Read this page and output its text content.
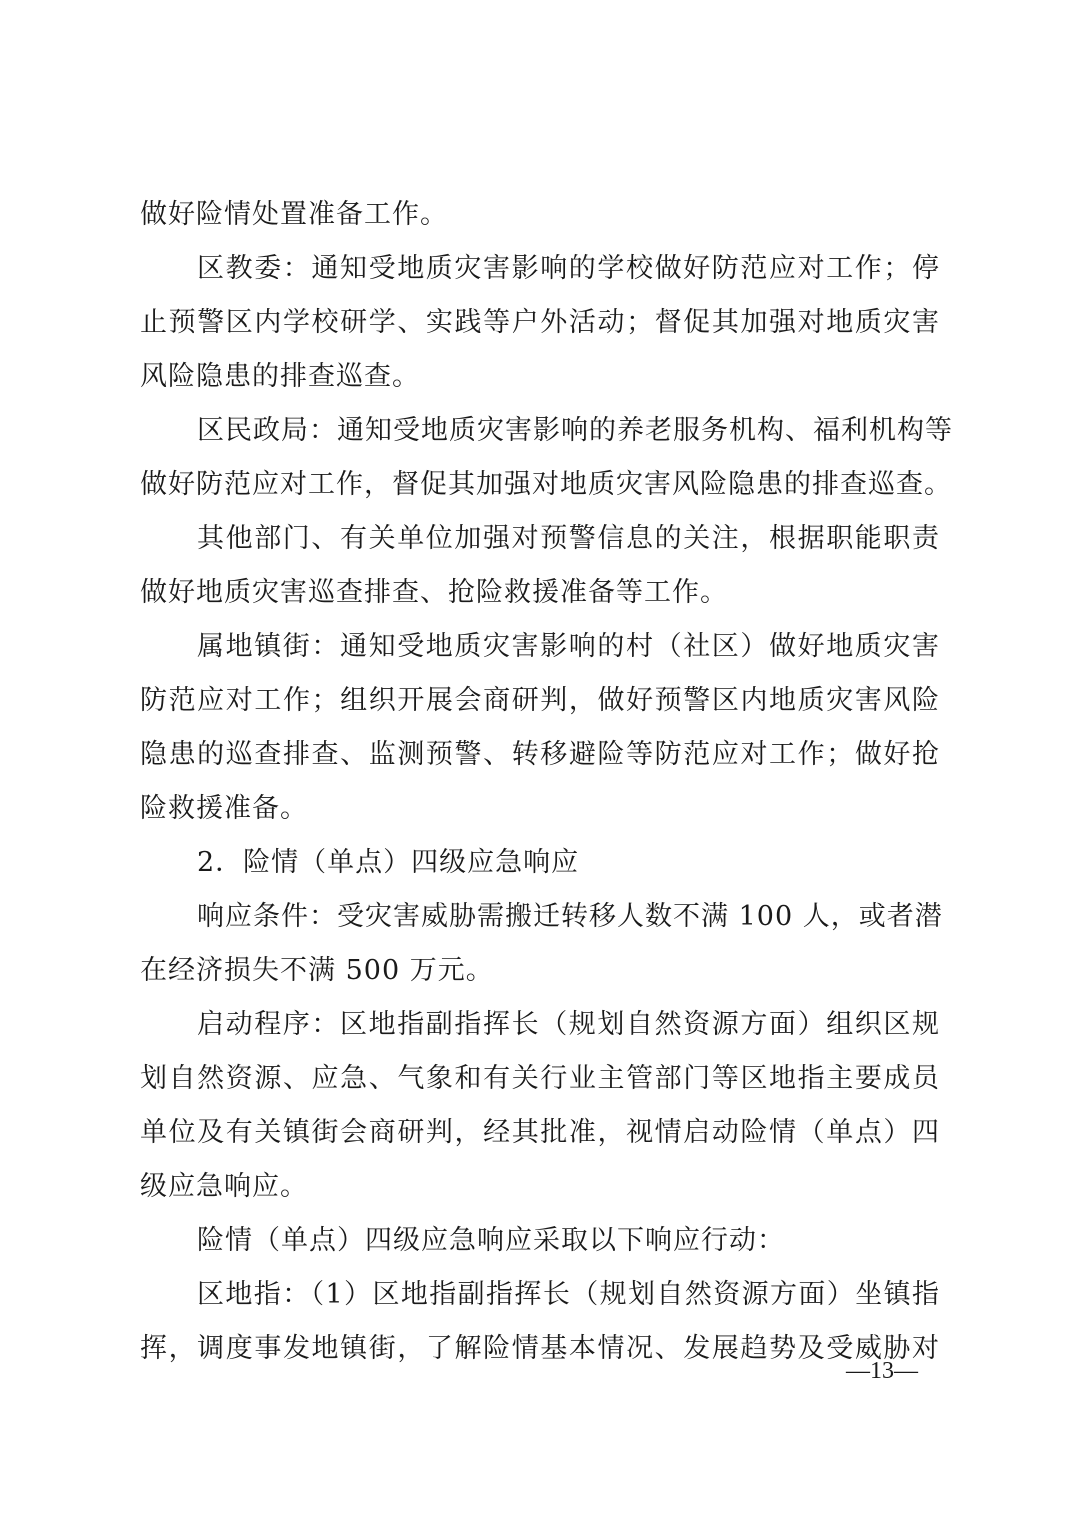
做好险情处置准备工作。
区教委：通知受地质灾害影响的学校做好防范应对工作；停
止预警区内学校研学、实践等户外活动；督促其加强对地质灾害
风险隐患的排查巡查。
区民政局：通知受地质灾害影响的养老服务机构、福利机构等
做好防范应对工作，督促其加强对地质灾害风险隐患的排查巡查。
其他部门、有关单位加强对预警信息的关注，根据职能职责
做好地质灾害巡查排查、抢险救援准备等工作。
属地镇街：通知受地质灾害影响的村（社区）做好地质灾害
防范应对工作；组织开展会商研判，做好预警区内地质灾害风险
隐患的巡查排查、监测预警、转移避险等防范应对工作；做好抢
险救援准备。
2．险情（单点）四级应急响应
响应条件：受灾害威胁需搬迁转移人数不满 100 人，或者潜
在经济损失不满 500 万元。
启动程序：区地指副指挥长（规划自然资源方面）组织区规
划自然资源、应急、气象和有关行业主管部门等区地指主要成员
单位及有关镇街会商研判，经其批准，视情启动险情（单点）四
级应急响应。
险情（单点）四级应急响应采取以下响应行动：
区地指：（1）区地指副指挥长（规划自然资源方面）坐镇指
挥，调度事发地镇街，了解险情基本情况、发展趋势及受威胁对
—13—
